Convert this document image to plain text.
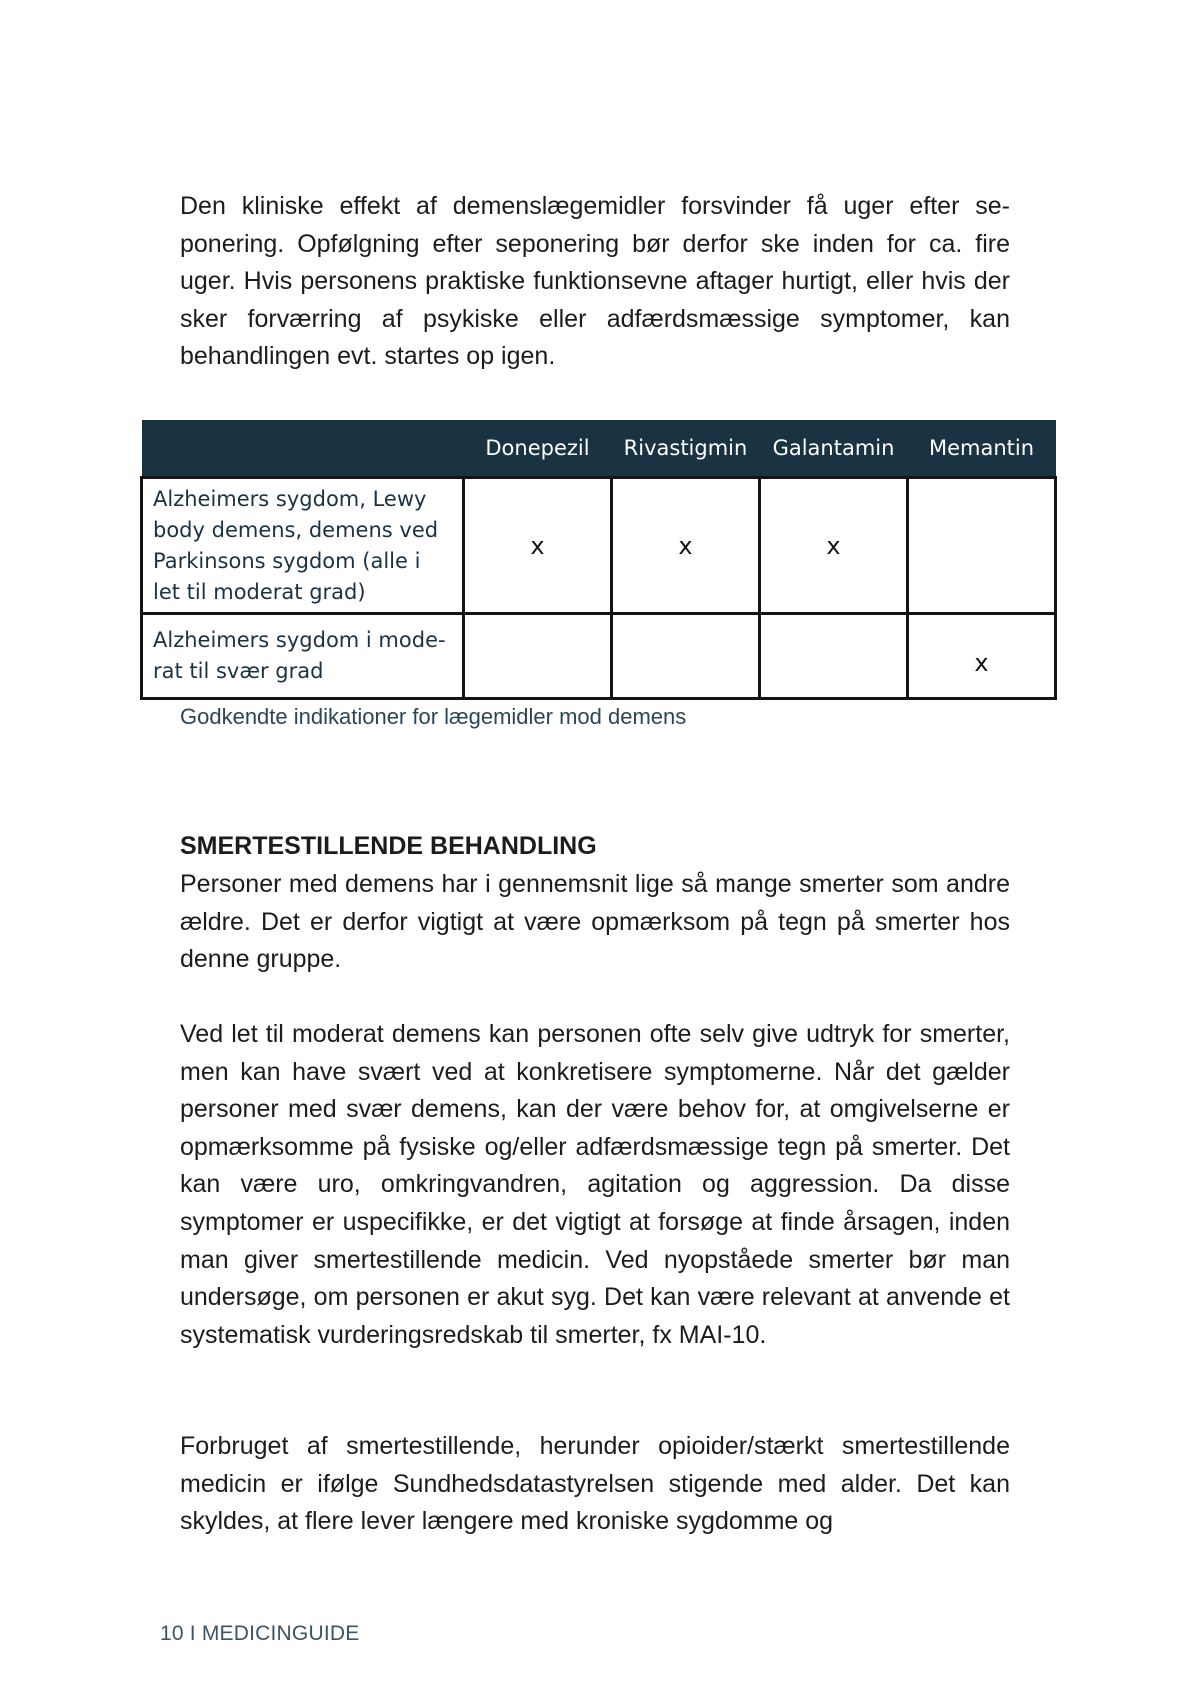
Den kliniske effekt af demenslægemidler forsvinder få uger efter seponering. Opfølgning efter seponering bør derfor ske inden for ca. fire uger. Hvis personens praktiske funktionsevne aftager hurtigt, eller hvis der sker forværring af psykiske eller adfærdsmæssige symptomer, kan behandlingen evt. startes op igen.

	Donepezil	Rivastigmin	Galantamin	Memantin
Alzheimers sygdom, Lewy body demens, demens ved Parkinsons sygdom (alle i let til moderat grad)	x	x	x	
Alzheimers sygdom i moderat til svær grad				x

Godkendte indikationer for lægemidler mod demens

SMERTESTILLENDE BEHANDLING

Personer med demens har i gennemsnit lige så mange smerter som andre ældre. Det er derfor vigtigt at være opmærksom på tegn på smerter hos denne gruppe.

Ved let til moderat demens kan personen ofte selv give udtryk for smerter, men kan have svært ved at konkretisere symptomerne. Når det gælder personer med svær demens, kan der være behov for, at omgivelserne er opmærksomme på fysiske og/eller adfærdsmæssige tegn på smerter. Det kan være uro, omkringvandren, agitation og aggression. Da disse symptomer er uspecifikke, er det vigtigt at forsøge at finde årsagen, inden man giver smertestillende medicin. Ved nyopståede smerter bør man undersøge, om personen er akut syg. Det kan være relevant at anvende et systematisk vurderingsredskab til smerter, fx MAI-10.

Forbruget af smertestillende, herunder opioider/stærkt smertestillende medicin er ifølge Sundhedsdatastyrelsen stigende med alder. Det kan skyldes, at flere lever længere med kroniske sygdomme og

10 I MEDICINGUIDE
